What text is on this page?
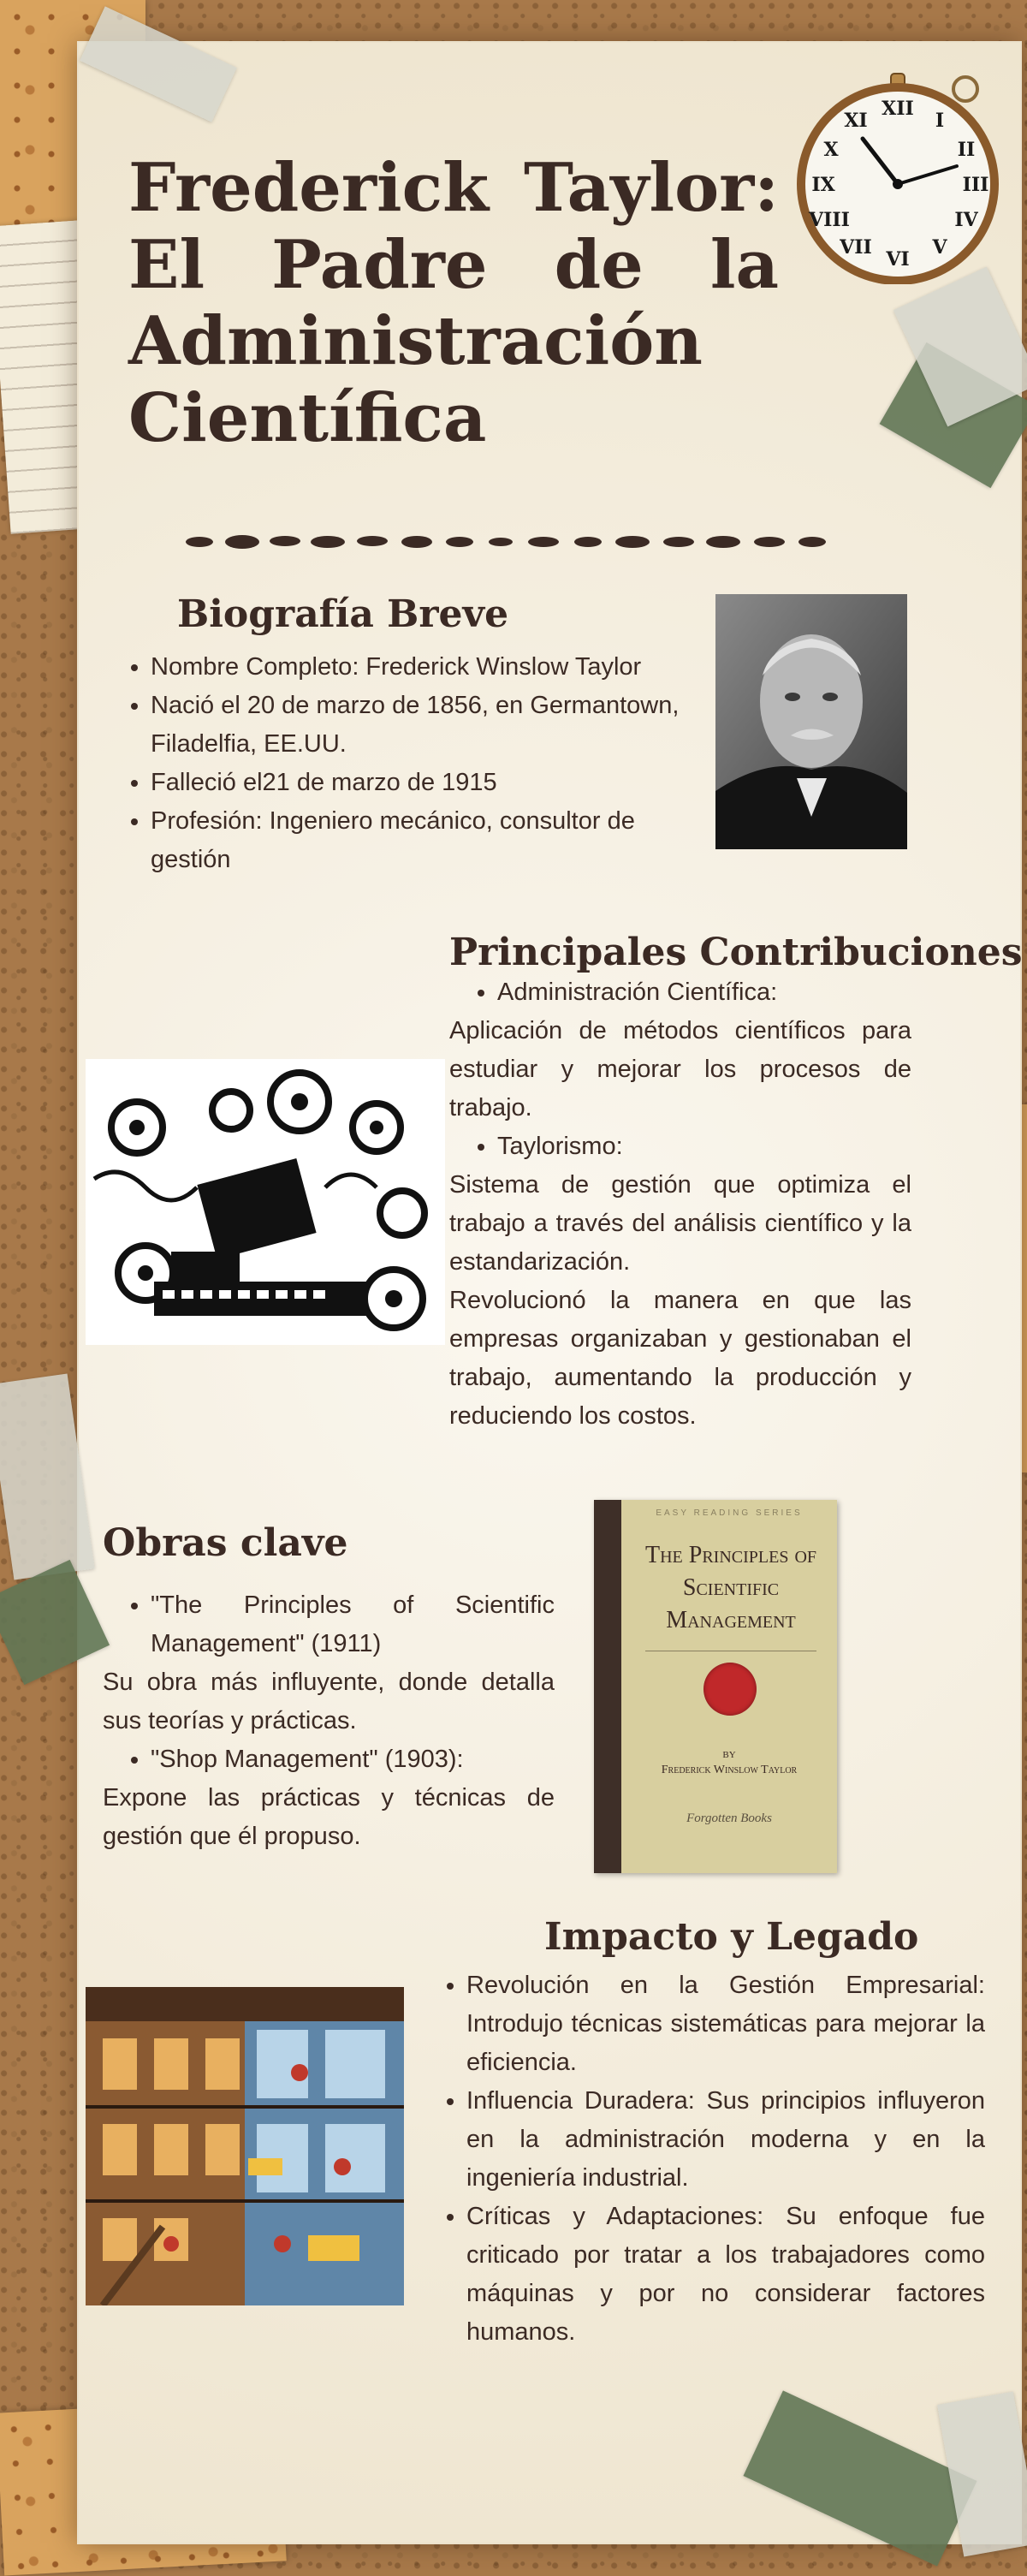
XII
I
II
III
IV
V
VI
VII
VIII
IX
X
XI
Frederick Taylor: El Padre de la Administración Científica
Biografía Breve
• Nombre Completo: Frederick Winslow Taylor
• Nació el 20 de marzo de 1856, en Germantown, Filadelfia, EE.UU.
• Falleció el21 de marzo de 1915
• Profesión: Ingeniero mecánico, consultor de gestión
Principales Contribuciones
• Administración Científica:

Aplicación de métodos científicos para estudiar y mejorar los procesos de trabajo.

• Taylorismo:

Sistema de gestión que optimiza el trabajo a través del análisis científico y la estandarización.

Revolucionó la manera en que las empresas organizaban y gestionaban el trabajo, aumentando la producción y reduciendo los costos.

Obras clave
• "The Principles of Scientific Management" (1911)

Su obra más influyente, donde detalla sus teorías y prácticas.

• "Shop Management" (1903):

Expone las prácticas y técnicas de gestión que él propuso.

EASY READING SERIES
The Principles of Scientific Management
BY
Frederick Winslow Taylor
Forgotten Books
Impacto y Legado
• Revolución en la Gestión Empresarial: Introdujo técnicas sistemáticas para mejorar la eficiencia.
• Influencia Duradera: Sus principios influyeron en la administración moderna y en la ingeniería industrial.
• Críticas y Adaptaciones: Su enfoque fue criticado por tratar a los trabajadores como máquinas y por no considerar factores humanos.
